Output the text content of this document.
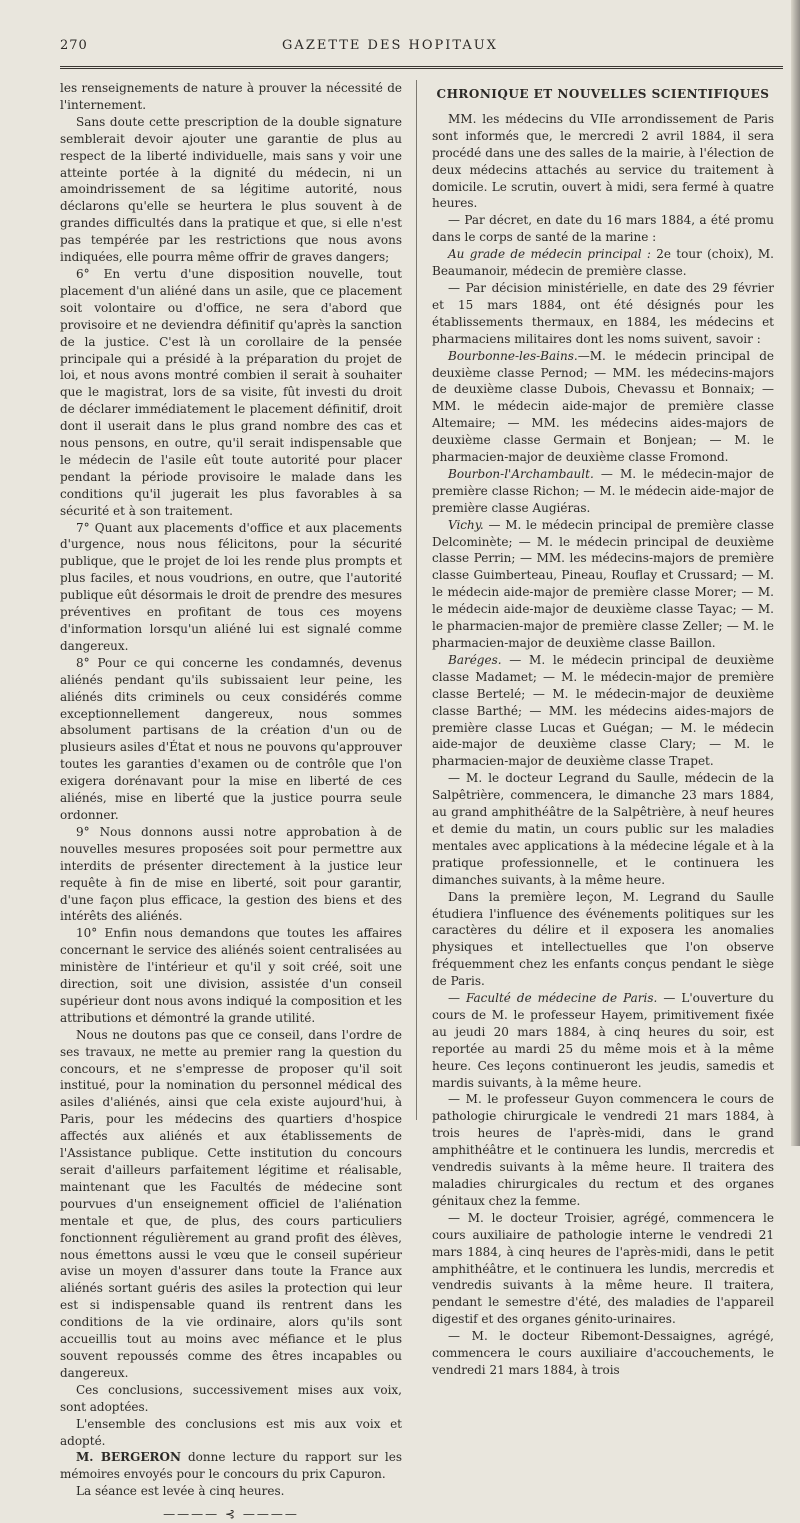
270	GAZETTE DES HOPITAUX

les renseignements de nature à prouver la nécessité de l'internement.

Sans doute cette prescription de la double signature semblerait devoir ajouter une garantie de plus au respect de la liberté individuelle, mais sans y voir une atteinte portée à la dignité du médecin, ni un amoindrissement de sa légitime autorité, nous déclarons qu'elle se heurtera le plus souvent à de grandes difficultés dans la pratique et que, si elle n'est pas tempérée par les restrictions que nous avons indiquées, elle pourra même offrir de graves dangers;

6° En vertu d'une disposition nouvelle, tout placement d'un aliéné dans un asile, que ce placement soit volontaire ou d'office, ne sera d'abord que provisoire et ne deviendra définitif qu'après la sanction de la justice. C'est là un corollaire de la pensée principale qui a présidé à la préparation du projet de loi, et nous avons montré combien il serait à souhaiter que le magistrat, lors de sa visite, fût investi du droit de déclarer immédiatement le placement définitif, droit dont il userait dans le plus grand nombre des cas et nous pensons, en outre, qu'il serait indispensable que le médecin de l'asile eût toute autorité pour placer pendant la période provisoire le malade dans les conditions qu'il jugerait les plus favorables à sa sécurité et à son traitement.

7° Quant aux placements d'office et aux placements d'urgence, nous nous félicitons, pour la sécurité publique, que le projet de loi les rende plus prompts et plus faciles, et nous voudrions, en outre, que l'autorité publique eût désormais le droit de prendre des mesures préventives en profitant de tous ces moyens d'information lorsqu'un aliéné lui est signalé comme dangereux.

8° Pour ce qui concerne les condamnés, devenus aliénés pendant qu'ils subissaient leur peine, les aliénés dits criminels ou ceux considérés comme exceptionnellement dangereux, nous sommes absolument partisans de la création d'un ou de plusieurs asiles d'État et nous ne pouvons qu'approuver toutes les garanties d'examen ou de contrôle que l'on exigera dorénavant pour la mise en liberté de ces aliénés, mise en liberté que la justice pourra seule ordonner.

9° Nous donnons aussi notre approbation à de nouvelles mesures proposées soit pour permettre aux interdits de présenter directement à la justice leur requête à fin de mise en liberté, soit pour garantir, d'une façon plus efficace, la gestion des biens et des intérêts des aliénés.

10° Enfin nous demandons que toutes les affaires concernant le service des aliénés soient centralisées au ministère de l'intérieur et qu'il y soit créé, soit une direction, soit une division, assistée d'un conseil supérieur dont nous avons indiqué la composition et les attributions et démontré la grande utilité.

Nous ne doutons pas que ce conseil, dans l'ordre de ses travaux, ne mette au premier rang la question du concours, et ne s'empresse de proposer qu'il soit institué, pour la nomination du personnel médical des asiles d'aliénés, ainsi que cela existe aujourd'hui, à Paris, pour les médecins des quartiers d'hospice affectés aux aliénés et aux établissements de l'Assistance publique. Cette institution du concours serait d'ailleurs parfaitement légitime et réalisable, maintenant que les Facultés de médecine sont pourvues d'un enseignement officiel de l'aliénation mentale et que, de plus, des cours particuliers fonctionnent régulièrement au grand profit des élèves, nous émettons aussi le vœu que le conseil supérieur avise un moyen d'assurer dans toute la France aux aliénés sortant guéris des asiles la protection qui leur est si indispensable quand ils rentrent dans les conditions de la vie ordinaire, alors qu'ils sont accueillis tout au moins avec méfiance et le plus souvent repoussés comme des êtres incapables ou dangereux.

Ces conclusions, successivement mises aux voix, sont adoptées.

L'ensemble des conclusions est mis aux voix et adopté.

M. BERGERON donne lecture du rapport sur les mémoires envoyés pour le concours du prix Capuron.

La séance est levée à cinq heures.

———— ⊰ ————
CHRONIQUE ET NOUVELLES SCIENTIFIQUES

MM. les médecins du VIIe arrondissement de Paris sont informés que, le mercredi 2 avril 1884, il sera procédé dans une des salles de la mairie, à l'élection de deux médecins attachés au service du traitement à domicile. Le scrutin, ouvert à midi, sera fermé à quatre heures.

— Par décret, en date du 16 mars 1884, a été promu dans le corps de santé de la marine :

Au grade de médecin principal : 2e tour (choix), M. Beaumanoir, médecin de première classe.

— Par décision ministérielle, en date des 29 février et 15 mars 1884, ont été désignés pour les établissements thermaux, en 1884, les médecins et pharmaciens militaires dont les noms suivent, savoir :

Bourbonne-les-Bains.—M. le médecin principal de deuxième classe Pernod; — MM. les médecins-majors de deuxième classe Dubois, Chevassu et Bonnaix; — MM. le médecin aide-major de première classe Altemaire; — MM. les médecins aides-majors de deuxième classe Germain et Bonjean; — M. le pharmacien-major de deuxième classe Fromond.

Bourbon-l'Archambault. — M. le médecin-major de première classe Richon; — M. le médecin aide-major de première classe Augiéras.

Vichy. — M. le médecin principal de première classe Delcominète; — M. le médecin principal de deuxième classe Perrin; — MM. les médecins-majors de première classe Guimberteau, Pineau, Rouflay et Crussard; — M. le médecin aide-major de première classe Morer; — M. le médecin aide-major de deuxième classe Tayac; — M. le pharmacien-major de première classe Zeller; — M. le pharmacien-major de deuxième classe Baillon.

Baréges. — M. le médecin principal de deuxième classe Madamet; — M. le médecin-major de première classe Bertelé; — M. le médecin-major de deuxième classe Barthé; — MM. les médecins aides-majors de première classe Lucas et Guégan; — M. le médecin aide-major de deuxième classe Clary; — M. le pharmacien-major de deuxième classe Trapet.

— M. le docteur Legrand du Saulle, médecin de la Salpêtrière, commencera, le dimanche 23 mars 1884, au grand amphithéâtre de la Salpêtrière, à neuf heures et demie du matin, un cours public sur les maladies mentales avec applications à la médecine légale et à la pratique professionnelle, et le continuera les dimanches suivants, à la même heure.

Dans la première leçon, M. Legrand du Saulle étudiera l'influence des événements politiques sur les caractères du délire et il exposera les anomalies physiques et intellectuelles que l'on observe fréquemment chez les enfants conçus pendant le siège de Paris.

— Faculté de médecine de Paris. — L'ouverture du cours de M. le professeur Hayem, primitivement fixée au jeudi 20 mars 1884, à cinq heures du soir, est reportée au mardi 25 du même mois et à la même heure. Ces leçons continueront les jeudis, samedis et mardis suivants, à la même heure.

— M. le professeur Guyon commencera le cours de pathologie chirurgicale le vendredi 21 mars 1884, à trois heures de l'après-midi, dans le grand amphithéâtre et le continuera les lundis, mercredis et vendredis suivants à la même heure. Il traitera des maladies chirurgicales du rectum et des organes génitaux chez la femme.

— M. le docteur Troisier, agrégé, commencera le cours auxiliaire de pathologie interne le vendredi 21 mars 1884, à cinq heures de l'après-midi, dans le petit amphithéâtre, et le continuera les lundis, mercredis et vendredis suivants à la même heure. Il traitera, pendant le semestre d'été, des maladies de l'appareil digestif et des organes génito-urinaires.

— M. le docteur Ribemont-Dessaignes, agrégé, commencera le cours auxiliaire d'accouchements, le vendredi 21 mars 1884, à trois
